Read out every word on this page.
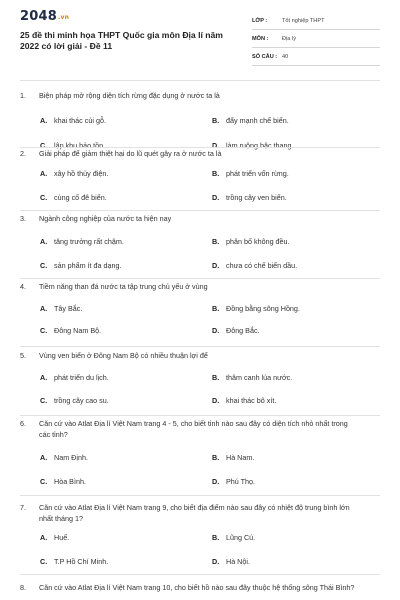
2048.vn
25 đề thi minh họa THPT Quốc gia môn Địa lí năm 2022 có lời giải - Đề 11
LỚP :	Tốt nghiệp THPT
MÔN :	Địa lý
SỐ CÂU : 40
1.	Biện pháp mở rộng diện tích rừng đặc dụng ở nước ta là
A. khai thác củi gỗ.	B. đẩy mạnh chế biến.
C. lập khu bảo tồn.	D. làm ruộng bậc thang.
2.	Giải pháp để giảm thiệt hại do lũ quét gây ra ở nước ta là
A. xây hồ thủy điện.	B. phát triển vốn rừng.
C. củng cố đê biển.	D. trồng cây ven biển.
3.	Ngành công nghiệp của nước ta hiện nay
A. tăng trưởng rất chậm.	B. phân bố không đều.
C. sản phẩm ít đa dạng.	D. chưa có chế biến dầu.
4.	Tiềm năng than đá nước ta tập trung chủ yếu ở vùng
A. Tây Bắc.	B. Đồng bằng sông Hồng.
C. Đông Nam Bộ.	D. Đông Bắc.
5.	Vùng ven biển ở Đông Nam Bộ có nhiều thuận lợi để
A. phát triển du lịch.	B. thâm canh lúa nước.
C. trồng cây cao su.	D. khai thác bô xít.
6.	Căn cứ vào Atlat Địa lí Việt Nam trang 4 - 5, cho biết tỉnh nào sau đây có diện tích nhỏ nhất trong các tỉnh?
A. Nam Định.	B. Hà Nam.
C. Hòa Bình.	D. Phú Thọ.
7.	Căn cứ vào Atlat Địa lí Việt Nam trang 9, cho biết địa điểm nào sau đây có nhiệt độ trung bình lớn nhất tháng 1?
A. Huế.	B. Lũng Cú.
C. T.P Hồ Chí Minh.	D. Hà Nội.
8.	Căn cứ vào Atlat Địa lí Việt Nam trang 10, cho biết hồ nào sau đây thuộc hệ thống sông Thái Bình?
